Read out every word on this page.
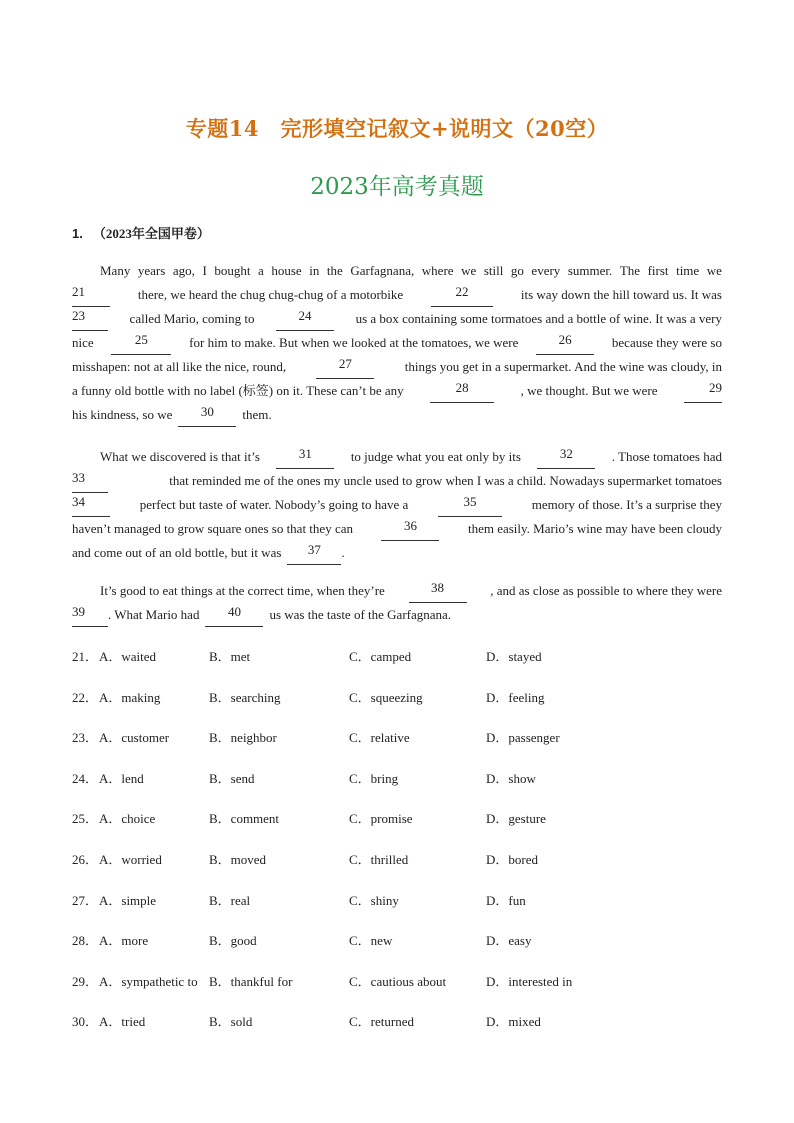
专题14　完形填空记叙文+说明文（20空）
2023年高考真题
1. （2023年全国甲卷）
Many years ago, I bought a house in the Garfagnana, where we still go every summer. The first time we
21	there, we heard the chug chug-chug of a motorbike	22	its way down the hill toward us. It was
23	called Mario, coming to	24	us a box containing some tormatoes and a bottle of wine. It was a very
nice	25	for him to make. But when we looked at the tomatoes, we were	26	because they were so
misshapen: not at all like the nice, round,	27	things you get in a supermarket. And the wine was cloudy, in
a funny old bottle with no label (标签) on it. These can’t be any	28	, we thought. But we were	29
his kindness, so we	30	them.
What we discovered is that it’s	31	to judge what you eat only by its	32	. Those tomatoes had
33	that reminded me of the ones my uncle used to grow when I was a child. Nowadays supermarket tomatoes
34	perfect but taste of water. Nobody’s going to have a	35	memory of those. It’s a surprise they
haven’t managed to grow square ones so that they can	36	them easily. Mario’s wine may have been cloudy
and come out of an old bottle, but it was	37	.
It’s good to eat things at the correct time, when they’re	38	, and as close as possible to where they were
39	. What Mario had	40	us was the taste of the Garfagnana.
21． A．waited	B．met	C．camped	D．stayed
22． A．making	B．searching	C．squeezing	D．feeling
23． A．customer	B．neighbor	C．relative	D．passenger
24． A．lend	B．send	C．bring	D．show
25． A．choice	B．comment	C．promise	D．gesture
26． A．worried	B．moved	C．thrilled	D．bored
27． A．simple	B．real	C．shiny	D．fun
28． A．more	B．good	C．new	D．easy
29． A．sympathetic to B．thankful for	C．cautious about	D．interested in
30． A．tried	B．sold	C．returned	D．mixed
